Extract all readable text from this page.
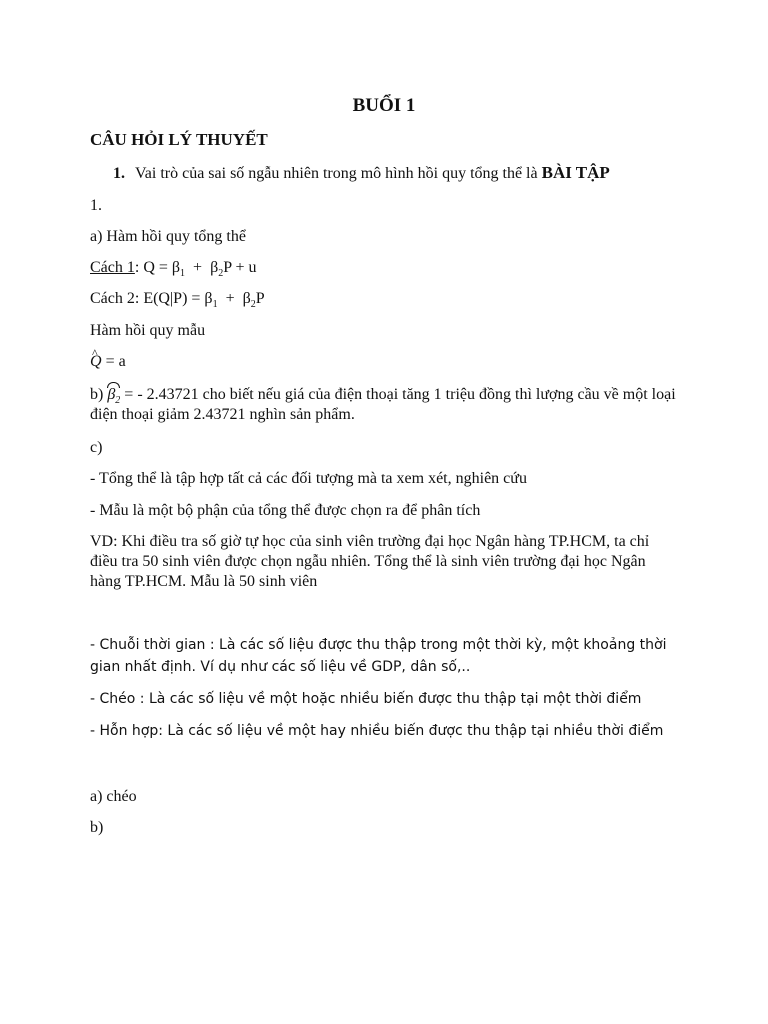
BUỔI 1
CÂU HỎI LÝ THUYẾT
1. Vai trò của sai số ngẫu nhiên trong mô hình hồi quy tổng thể là BÀI TẬP
1.
a) Hàm hồi quy tổng thể
Cách 1: $Q = \beta_1 + \beta_2P + u$
Cách 2: $E(Q|P) = \beta_1 + \beta_2P$
Hàm hồi quy mẫu
^ Q = a
b) $\beta_2$ = - 2.43721 cho biết nếu giá của điện thoại tăng 1 triệu đồng thì lượng cầu về một loại điện thoại giảm 2.43721 nghìn sản phẩm.
c)
- Tổng thể là tập hợp tất cả các đối tượng mà ta xem xét, nghiên cứu
- Mẫu là một bộ phận của tổng thể được chọn ra để phân tích
VD: Khi điều tra số giờ tự học của sinh viên trường đại học Ngân hàng TP.HCM, ta chỉ điều tra 50 sinh viên được chọn ngẫu nhiên. Tổng thể là sinh viên trường đại học Ngân hàng TP.HCM. Mẫu là 50 sinh viên
- Chuỗi thời gian : Là các số liệu được thu thập trong một thời kỳ, một khoảng thời gian nhất định. Ví dụ như các số liệu về GDP, dân số,..
- Chéo : Là các số liệu về một hoặc nhiều biến được thu thập tại một thời điểm
- Hỗn hợp: Là các số liệu về một hay nhiều biến được thu thập tại nhiều thời điểm
a) chéo
b)
